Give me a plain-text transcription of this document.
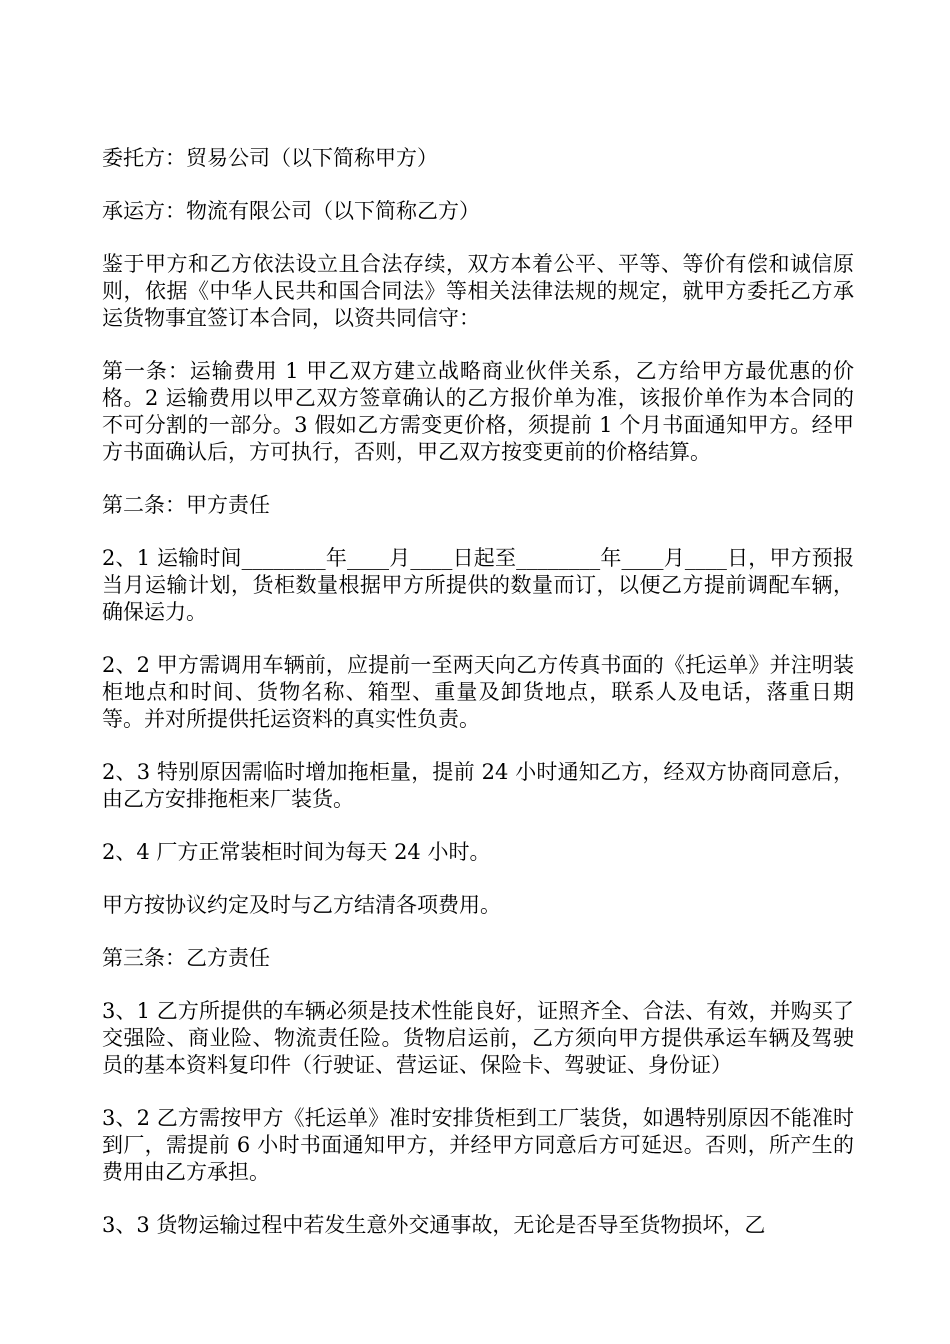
委托方：贸易公司（以下简称甲方）

承运方：物流有限公司（以下简称乙方）

鉴于甲方和乙方依法设立且合法存续，双方本着公平、平等、等价有偿和诚信原则，依据《中华人民共和国合同法》等相关法律法规的规定，就甲方委托乙方承运货物事宜签订本合同，以资共同信守：

第一条：运输费用 1 甲乙双方建立战略商业伙伴关系，乙方给甲方最优惠的价格。2 运输费用以甲乙双方签章确认的乙方报价单为准，该报价单作为本合同的不可分割的一部分。3 假如乙方需变更价格，须提前 1 个月书面通知甲方。经甲方书面确认后，方可执行，否则，甲乙双方按变更前的价格结算。

第二条：甲方责任

2、1 运输时间________年____月____日起至________年____月____日，甲方预报当月运输计划，货柜数量根据甲方所提供的数量而订，以便乙方提前调配车辆，确保运力。

2、2 甲方需调用车辆前，应提前一至两天向乙方传真书面的《托运单》并注明装柜地点和时间、货物名称、箱型、重量及卸货地点，联系人及电话，落重日期等。并对所提供托运资料的真实性负责。

2、3 特别原因需临时增加拖柜量，提前 24 小时通知乙方，经双方协商同意后，由乙方安排拖柜来厂装货。

2、4 厂方正常装柜时间为每天 24 小时。

甲方按协议约定及时与乙方结清各项费用。

第三条：乙方责任

3、1 乙方所提供的车辆必须是技术性能良好，证照齐全、合法、有效，并购买了交强险、商业险、物流责任险。货物启运前，乙方须向甲方提供承运车辆及驾驶员的基本资料复印件（行驶证、营运证、保险卡、驾驶证、身份证）

3、2 乙方需按甲方《托运单》准时安排货柜到工厂装货，如遇特别原因不能准时到厂，需提前 6 小时书面通知甲方，并经甲方同意后方可延迟。否则，所产生的费用由乙方承担。

3、3 货物运输过程中若发生意外交通事故，无论是否导至货物损坏，乙
